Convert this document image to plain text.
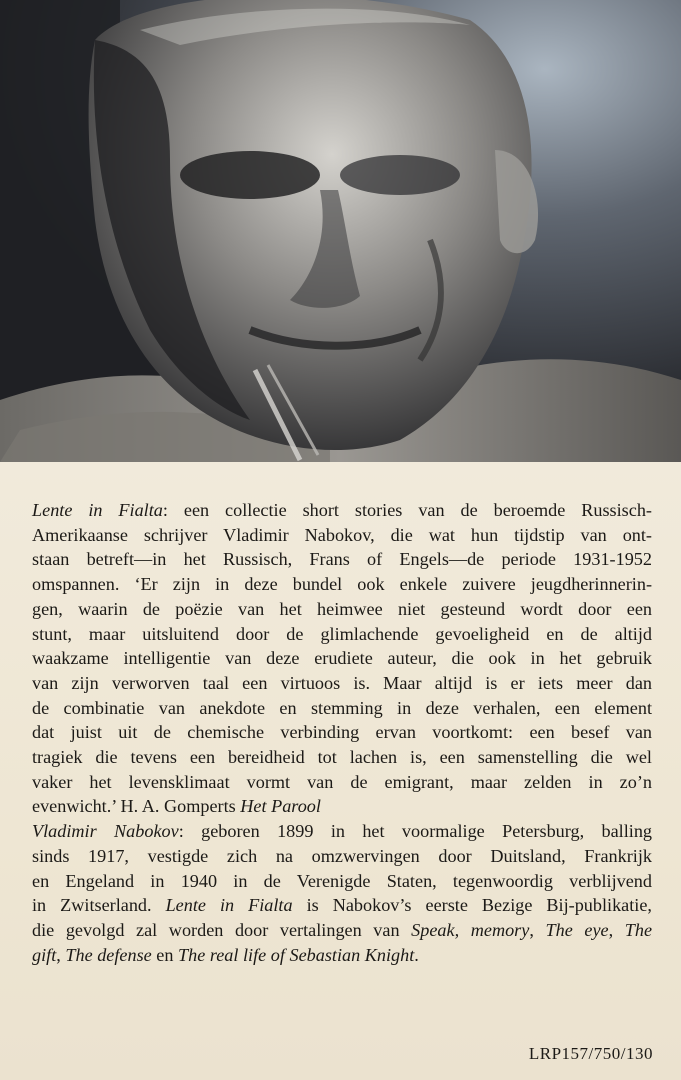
Lente in Fialta: een collectie short stories van de beroemde Russisch-
Amerikaanse schrijver Vladimir Nabokov, die wat hun tijdstip van ont-
staan betreft—in het Russisch, Frans of Engels—de periode 1931-1952
omspannen. ‘Er zijn in deze bundel ook enkele zuivere jeugdherinnerin-
gen, waarin de poëzie van het heimwee niet gesteund wordt door een
stunt, maar uitsluitend door de glimlachende gevoeligheid en de altijd
waakzame intelligentie van deze erudiete auteur, die ook in het gebruik
van zijn verworven taal een virtuoos is. Maar altijd is er iets meer dan
de combinatie van anekdote en stemming in deze verhalen, een element
dat juist uit de chemische verbinding ervan voortkomt: een besef van
tragiek die tevens een bereidheid tot lachen is, een samenstelling die wel
vaker het levensklimaat vormt van de emigrant, maar zelden in zo’n
evenwicht.’ H. A. Gomperts Het Parool
Vladimir Nabokov: geboren 1899 in het voormalige Petersburg, balling
sinds 1917, vestigde zich na omzwervingen door Duitsland, Frankrijk
en Engeland in 1940 in de Verenigde Staten, tegenwoordig verblijvend
in Zwitserland. Lente in Fialta is Nabokov’s eerste Bezige Bij-publikatie,
die gevolgd zal worden door vertalingen van Speak, memory, The eye, The
gift, The defense en The real life of Sebastian Knight.
LRP157/750/130
